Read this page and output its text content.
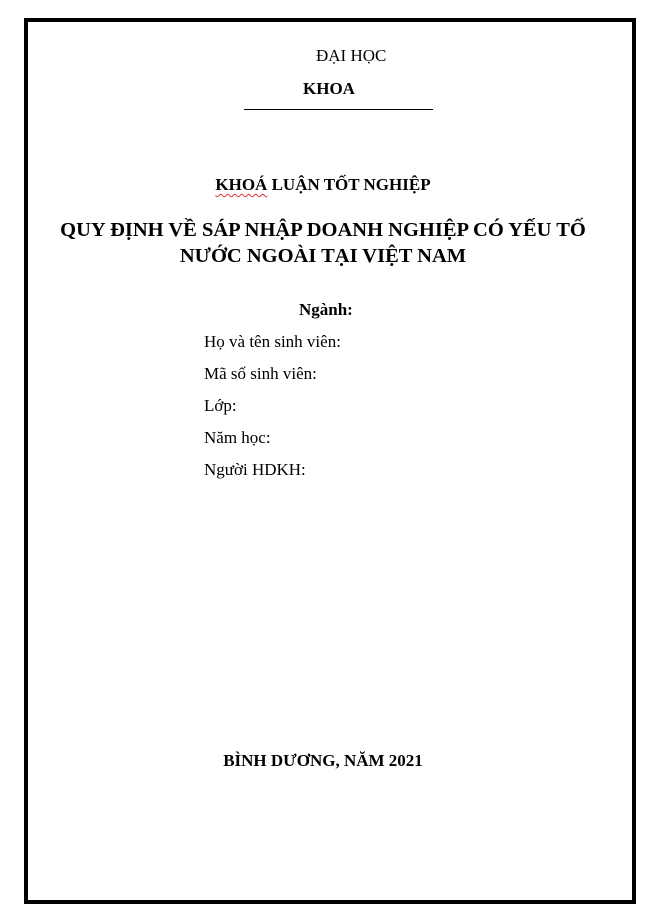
ĐẠI HỌC
KHOA
KHOÁ LUẬN TỐT NGHIỆP
QUY ĐỊNH VỀ SÁP NHẬP DOANH NGHIỆP CÓ YẾU TỐ
NƯỚC NGOÀI TẠI VIỆT NAM
Ngành:
Họ và tên sinh viên:
Mã số sinh viên:
Lớp:
Năm học:
Người HDKH:
BÌNH DƯƠNG, NĂM 2021
